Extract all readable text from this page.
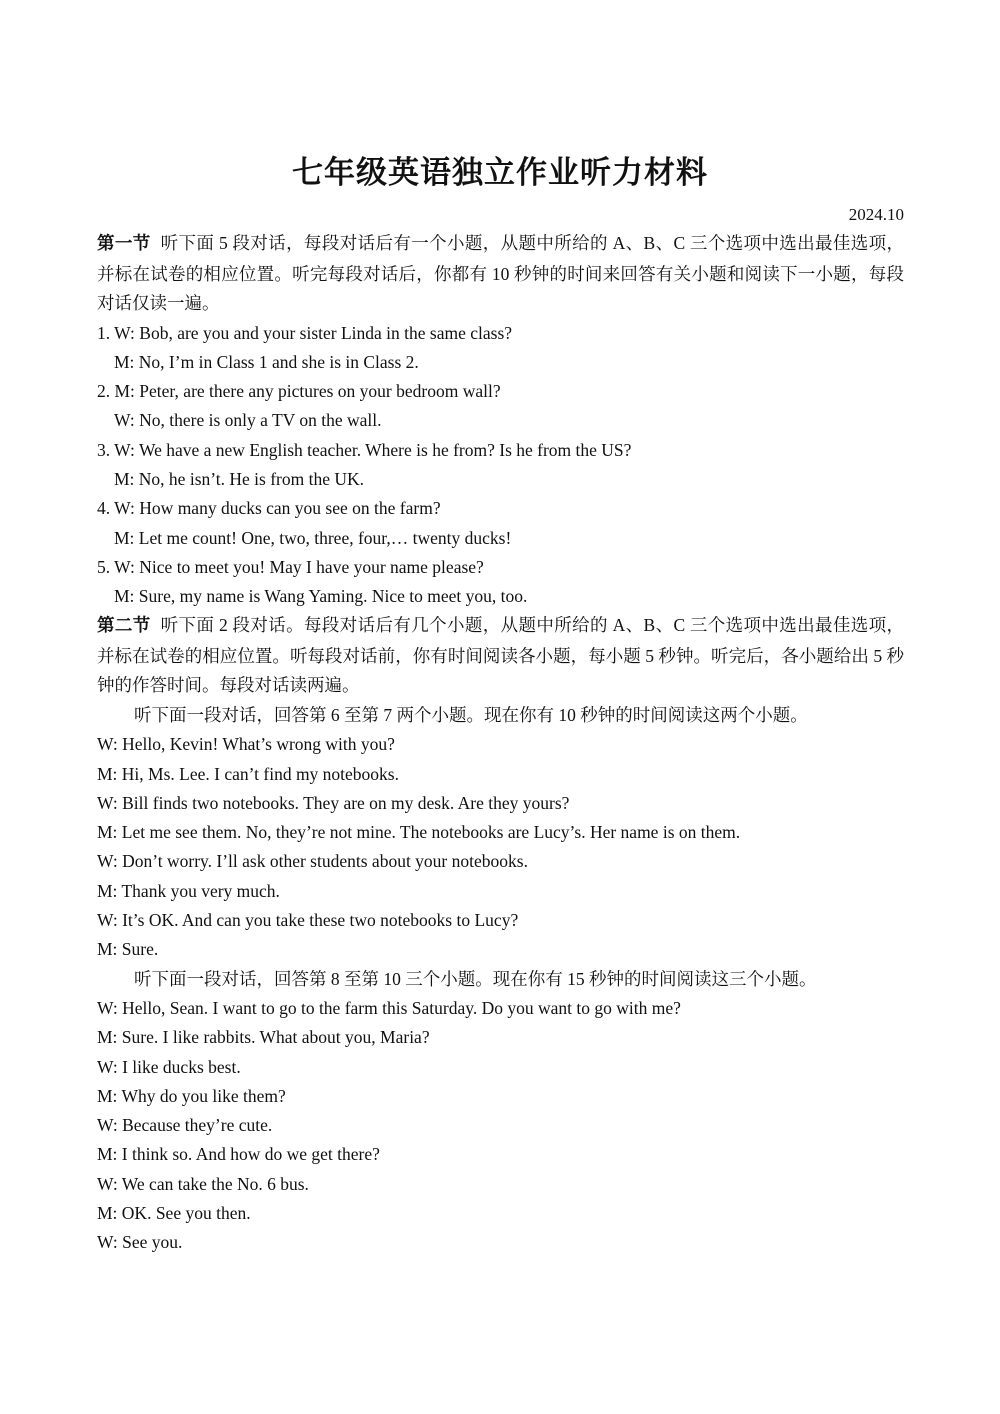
七年级英语独立作业听力材料
2024.10

第一节 听下面 5 段对话，每段对话后有一个小题，从题中所给的 A、B、C 三个选项中选出最佳选项，并标在试卷的相应位置。听完每段对话后，你都有 10 秒钟的时间来回答有关小题和阅读下一小题，每段对话仅读一遍。

1. W: Bob, are you and your sister Linda in the same class?

M: No, I’m in Class 1 and she is in Class 2.

2. M: Peter, are there any pictures on your bedroom wall?

W: No, there is only a TV on the wall.

3. W: We have a new English teacher. Where is he from? Is he from the US?

M: No, he isn’t. He is from the UK.

4. W: How many ducks can you see on the farm?

M: Let me count! One, two, three, four,… twenty ducks!

5. W: Nice to meet you! May I have your name please?

M: Sure, my name is Wang Yaming. Nice to meet you, too.

第二节 听下面 2 段对话。每段对话后有几个小题，从题中所给的 A、B、C 三个选项中选出最佳选项，并标在试卷的相应位置。听每段对话前，你有时间阅读各小题，每小题 5 秒钟。听完后，各小题给出 5 秒钟的作答时间。每段对话读两遍。

听下面一段对话，回答第 6 至第 7 两个小题。现在你有 10 秒钟的时间阅读这两个小题。

W: Hello, Kevin! What’s wrong with you?

M: Hi, Ms. Lee. I can’t find my notebooks.

W: Bill finds two notebooks. They are on my desk. Are they yours?

M: Let me see them. No, they’re not mine. The notebooks are Lucy’s. Her name is on them.

W: Don’t worry. I’ll ask other students about your notebooks.

M: Thank you very much.

W: It’s OK. And can you take these two notebooks to Lucy?

M: Sure.

听下面一段对话，回答第 8 至第 10 三个小题。现在你有 15 秒钟的时间阅读这三个小题。

W: Hello, Sean. I want to go to the farm this Saturday. Do you want to go with me?

M: Sure. I like rabbits. What about you, Maria?

W: I like ducks best.

M: Why do you like them?

W: Because they’re cute.

M: I think so. And how do we get there?

W: We can take the No. 6 bus.

M: OK. See you then.

W: See you.
